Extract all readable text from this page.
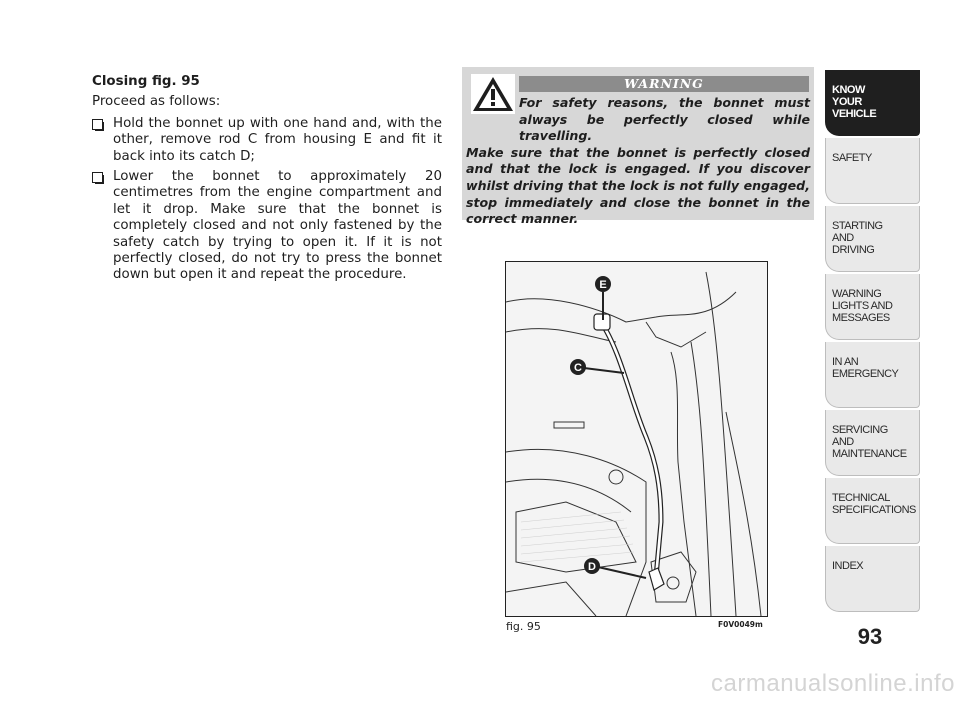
Closing fig. 95

Proceed as follows:

Hold the bonnet up with one hand and, with the other, remove rod C from housing E and fit it back into its catch D;
Lower the bonnet to approximately 20 centimetres from the engine compartment and let it drop. Make sure that the bonnet is completely closed and not only fastened by the safety catch by trying to open it. If it is not perfectly closed, do not try to press the bonnet down but open it and repeat the procedure.
WARNING
For safety reasons, the bonnet must always be perfectly closed while travelling.
Make sure that the bonnet is perfectly closed and that the lock is engaged. If you discover whilst driving that the lock is not fully engaged, stop immediately and close the bonnet in the correct manner.
E
C
D
fig. 95	F0V0049m
KNOW
YOUR
VEHICLE
SAFETY
STARTING
AND
DRIVING
WARNING
LIGHTS AND
MESSAGES
IN AN
EMERGENCY
SERVICING
AND
MAINTENANCE
TECHNICAL
SPECIFICATIONS
INDEX
93
carmanualsonline.info
